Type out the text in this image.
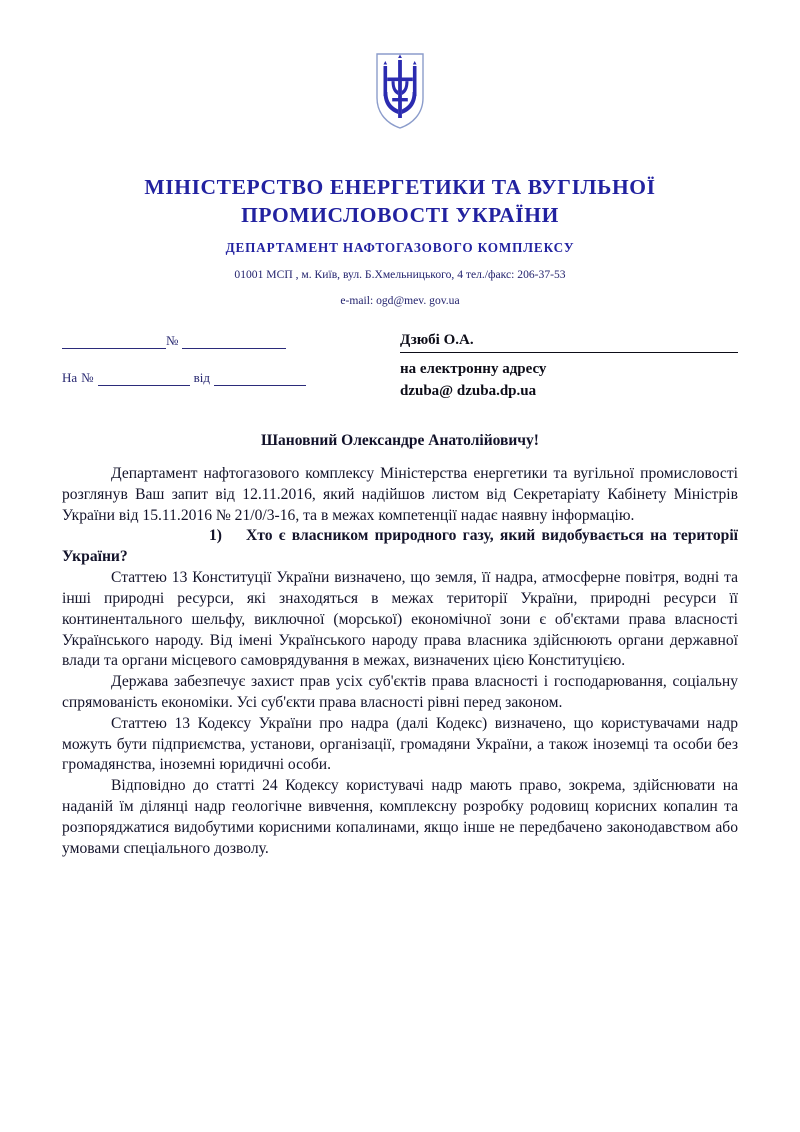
МІНІСТЕРСТВО ЕНЕРГЕТИКИ ТА ВУГІЛЬНОЇ ПРОМИСЛОВОСТІ УКРАЇНИ
ДЕПАРТАМЕНТ НАФТОГАЗОВОГО КОМПЛЕКСУ
01001 МСП , м. Київ, вул. Б.Хмельницького, 4 тел./факс: 206-37-53
e-mail: ogd@mev. gov.ua
№
На №	від
Дзюбі О.А.
на електронну адресу
dzuba@ dzuba.dp.ua
Шановний Олександре Анатолійовичу!

Департамент нафтогазового комплексу Міністерства енергетики та вугільної промисловості розглянув Ваш запит від 12.11.2016, який надійшов листом від Секретаріату Кабінету Міністрів України від 15.11.2016 № 21/0/3-16, та в межах компетенції надає наявну інформацію.

1) Хто є власником природного газу, який видобувається на території України?

Статтею 13 Конституції України визначено, що земля, її надра, атмосферне повітря, водні та інші природні ресурси, які знаходяться в межах території України, природні ресурси її континентального шельфу, виключної (морської) економічної зони є об'єктами права власності Українського народу. Від імені Українського народу права власника здійснюють органи державної влади та органи місцевого самоврядування в межах, визначених цією Конституцією.

Держава забезпечує захист прав усіх суб'єктів права власності і господарювання, соціальну спрямованість економіки. Усі суб'єкти права власності рівні перед законом.

Статтею 13 Кодексу України про надра (далі Кодекс) визначено, що користувачами надр можуть бути підприємства, установи, організації, громадяни України, а також іноземці та особи без громадянства, іноземні юридичні особи.

Відповідно до статті 24 Кодексу користувачі надр мають право, зокрема, здійснювати на наданій їм ділянці надр геологічне вивчення, комплексну розробку родовищ корисних копалин та розпоряджатися видобутими корисними копалинами, якщо інше не передбачено законодавством або умовами спеціального дозволу.
